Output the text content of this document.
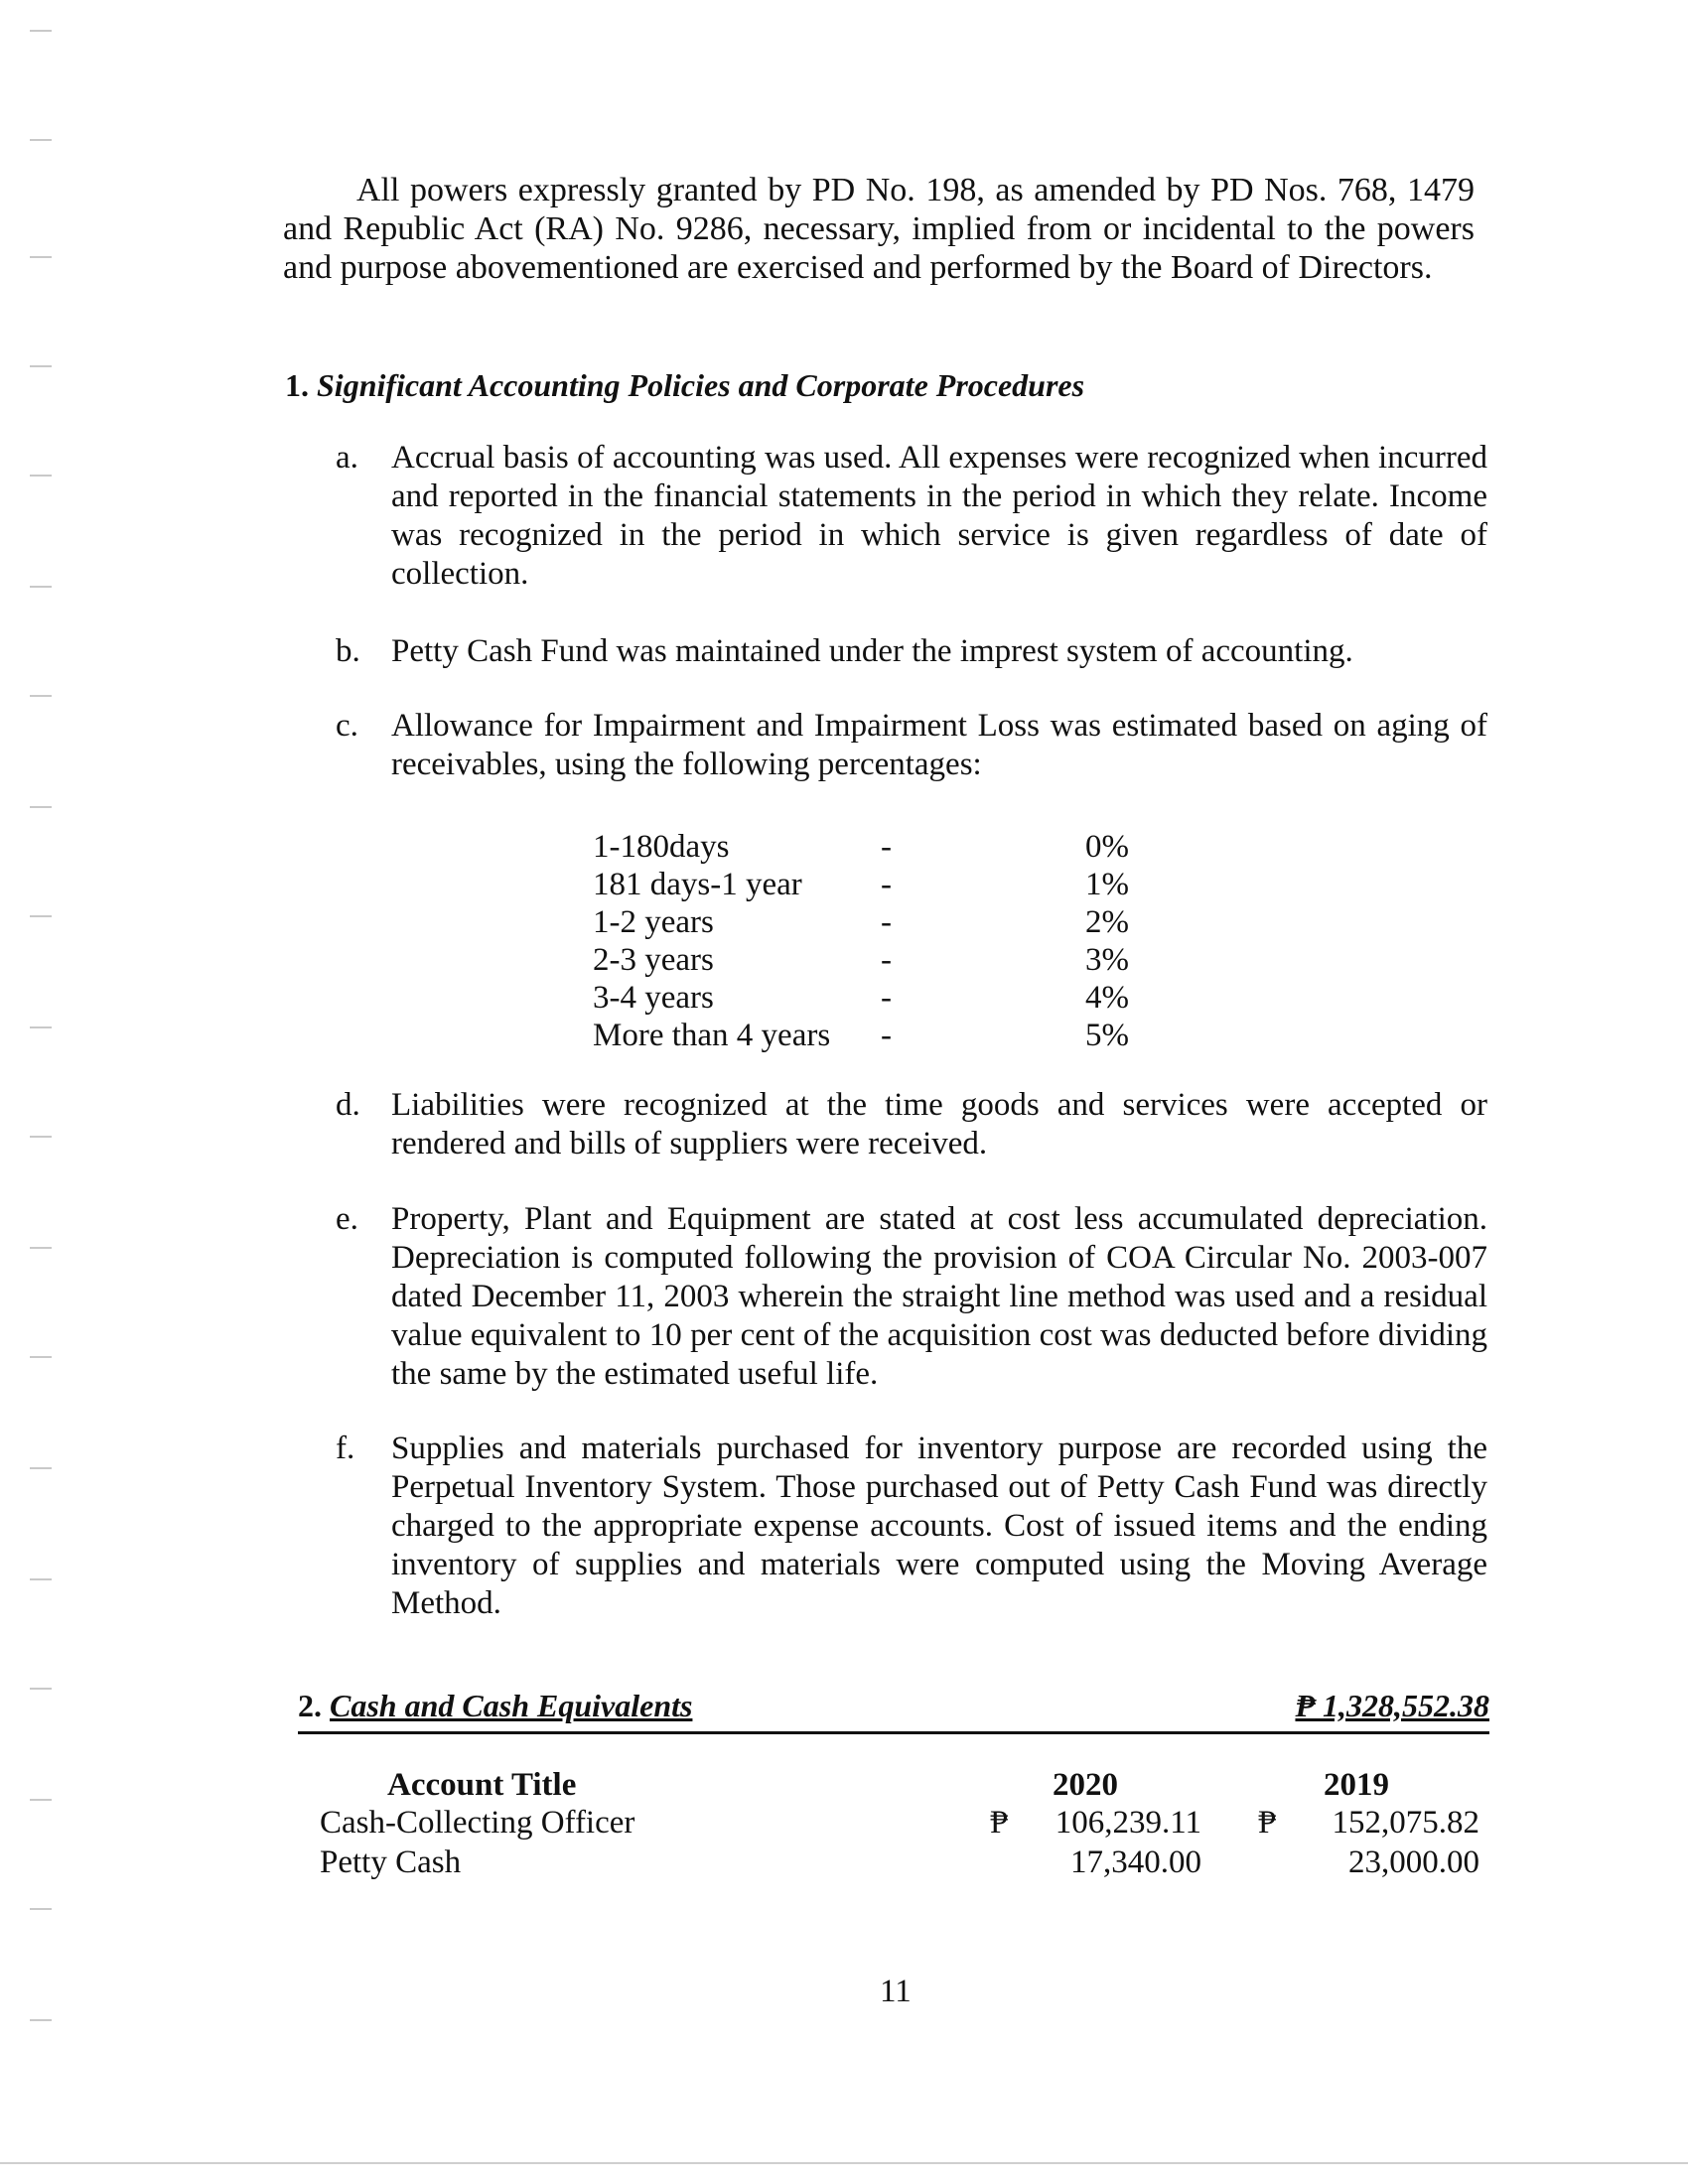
All powers expressly granted by PD No. 198, as amended by PD Nos. 768, 1479 and Republic Act (RA) No. 9286, necessary, implied from or incidental to the powers and purpose abovementioned are exercised and performed by the Board of Directors.

1. Significant Accounting Policies and Corporate Procedures
a.	Accrual basis of accounting was used. All expenses were recognized when incurred and reported in the financial statements in the period in which they relate. Income was recognized in the period in which service is given regardless of date of collection.
b. Petty Cash Fund was maintained under the imprest system of accounting.
c.	Allowance for Impairment and Impairment Loss was estimated based on aging of receivables, using the following percentages:
1-180days	-	0%
181 days-1 year	-	1%
1-2 years	-	2%
2-3 years	-	3%
3-4 years	-	4%
More than 4 years	-	5%
d. Liabilities were recognized at the time goods and services were accepted or rendered and bills of suppliers were received.
e.	Property, Plant and Equipment are stated at cost less accumulated depreciation. Depreciation is computed following the provision of COA Circular No. 2003-007 dated December 11, 2003 wherein the straight line method was used and a residual value equivalent to 10 per cent of the acquisition cost was deducted before dividing the same by the estimated useful life.
f.	Supplies and materials purchased for inventory purpose are recorded using the Perpetual Inventory System. Those purchased out of Petty Cash Fund was directly charged to the appropriate expense accounts. Cost of issued items and the ending inventory of supplies and materials were computed using the Moving Average Method.
2. Cash and Cash Equivalents	₱ 1,328,552.38
Account Title	2020	2019
Cash-Collecting Officer	₱	106,239.11 ₱	152,075.82
Petty Cash	17,340.00	23,000.00
11
